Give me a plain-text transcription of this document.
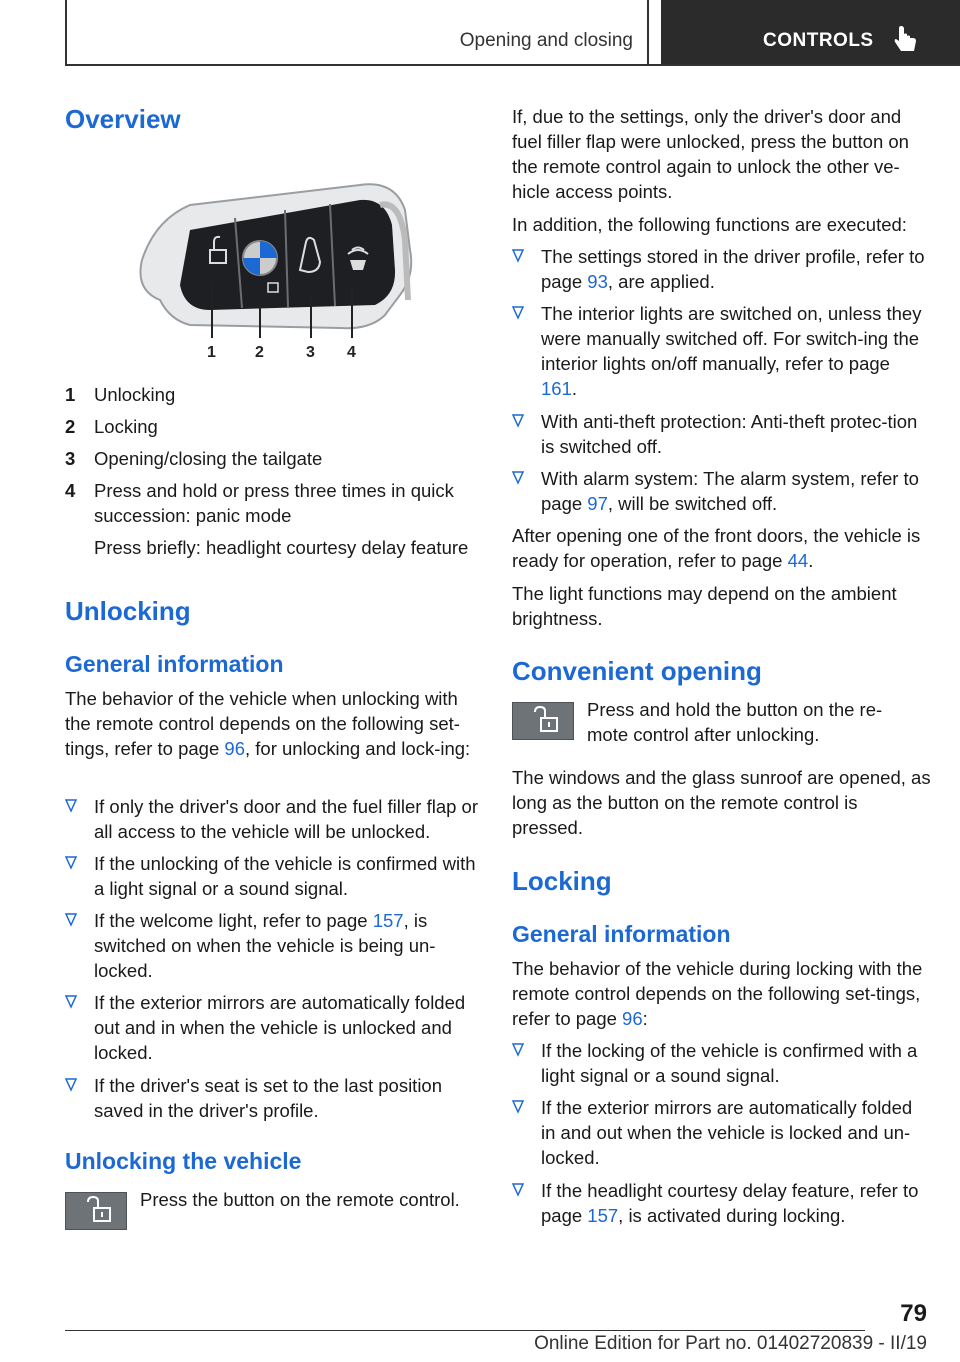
Opening and closing	CONTROLS
Overview
1 2	3 4
1 Unlocking
2 Locking
3 Opening/closing the tailgate
4 Press and hold or press three times in quick succession: panic mode

Press briefly: headlight courtesy delay feature

Unlocking
General information

The behavior of the vehicle when unlocking with the remote control depends on the following set-tings, refer to page 96, for unlocking and lock-ing:

If only the driver's door and the fuel filler flap or all access to the vehicle will be unlocked.
If the unlocking of the vehicle is confirmed with a light signal or a sound signal.
If the welcome light, refer to page 157, is switched on when the vehicle is being un-locked.
If the exterior mirrors are automatically folded out and in when the vehicle is unlocked and locked.
If the driver's seat is set to the last position saved in the driver's profile.
Unlocking the vehicle

Press the button on the remote control.

If, due to the settings, only the driver's door and fuel filler flap were unlocked, press the button on the remote control again to unlock the other ve-hicle access points.

In addition, the following functions are executed:

The settings stored in the driver profile, refer to page 93, are applied.
The interior lights are switched on, unless they were manually switched off. For switch-ing the interior lights on/off manually, refer to page 161.
With anti-theft protection: Anti-theft protec-tion is switched off.
With alarm system: The alarm system, refer to page 97, will be switched off.

After opening one of the front doors, the vehicle is ready for operation, refer to page 44.

The light functions may depend on the ambient brightness.

Convenient opening

Press and hold the button on the re-mote control after unlocking.

The windows and the glass sunroof are opened, as long as the button on the remote control is pressed.

Locking
General information

The behavior of the vehicle during locking with the remote control depends on the following set-tings, refer to page 96:

If the locking of the vehicle is confirmed with a light signal or a sound signal.
If the exterior mirrors are automatically folded in and out when the vehicle is locked and un-locked.
If the headlight courtesy delay feature, refer to page 157, is activated during locking.
79
Online Edition for Part no. 01402720839 - II/19
